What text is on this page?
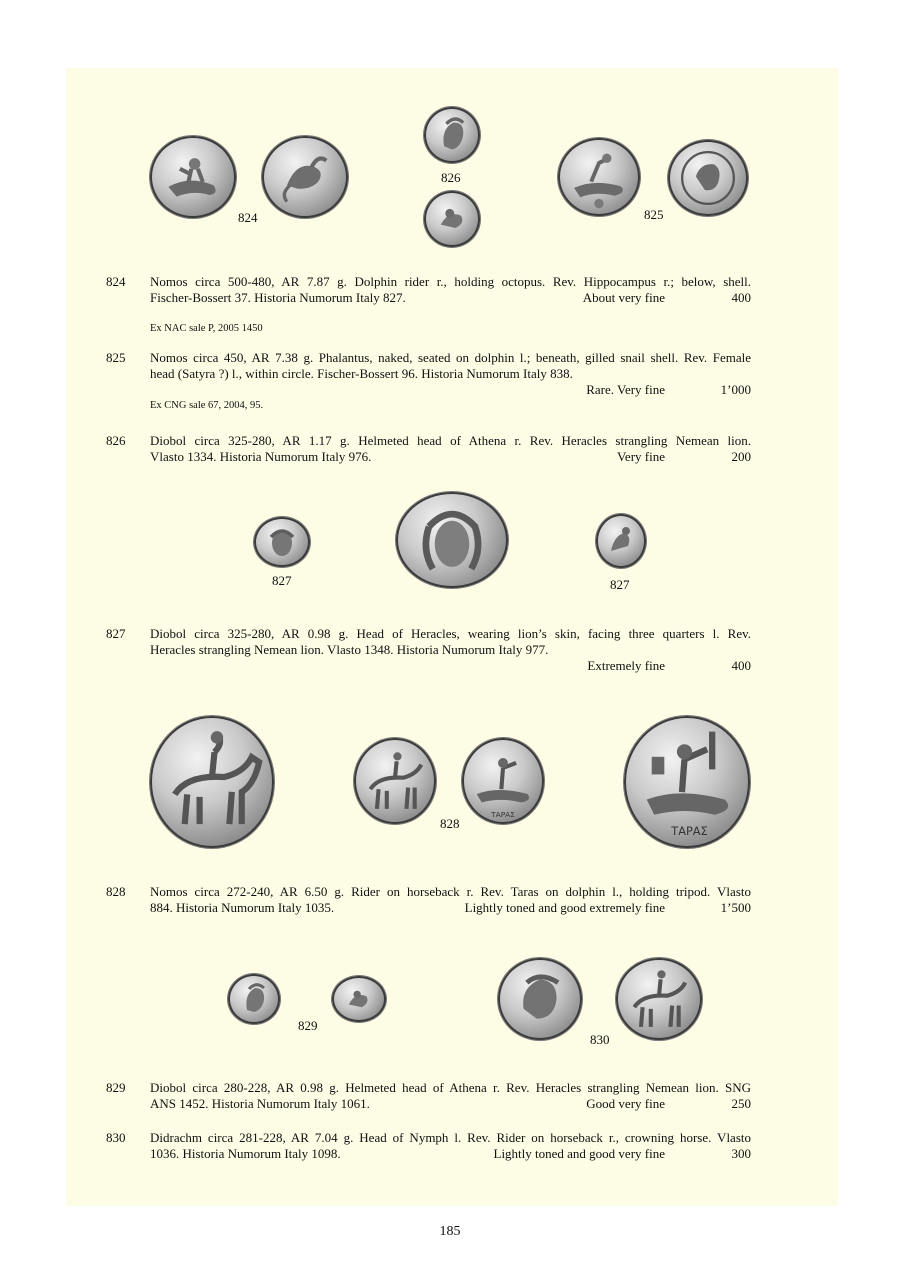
824
826
825
824 Nomos circa 500-480, AR 7.87 g. Dolphin rider r., holding octopus. Rev. Hippocampus r.; below, shell.
Fischer-Bossert 37. Historia Numorum Italy 827.	About very fine	400
Ex NAC sale P, 2005 1450
825 Nomos circa 450, AR 7.38 g. Phalantus, naked, seated on dolphin l.; beneath, gilled snail shell. Rev. Female
head (Satyra ?) l., within circle. Fischer-Bossert 96. Historia Numorum Italy 838.

Rare. Very fine	1’000
Ex CNG sale 67, 2004, 95.
826 Diobol circa 325-280, AR 1.17 g. Helmeted head of Athena r. Rev. Heracles strangling Nemean lion.
Vlasto 1334. Historia Numorum Italy 976.	Very fine	200
827	827
827 Diobol circa 325-280, AR 0.98 g. Head of Heracles, wearing lion’s skin, facing three quarters l. Rev.
Heracles strangling Nemean lion. Vlasto 1348. Historia Numorum Italy 977.

Extremely fine	400
ΤΑΡΑΣ
828	ΤΑΡΑΣ
828 Nomos circa 272-240, AR 6.50 g. Rider on horseback r. Rev. Taras on dolphin l., holding tripod. Vlasto
884. Historia Numorum Italy 1035.	Lightly toned and good extremely fine	1’500
829
830
829 Diobol circa 280-228, AR 0.98 g. Helmeted head of Athena r. Rev. Heracles strangling Nemean lion. SNG
ANS 1452. Historia Numorum Italy 1061.	Good very fine	250
830 Didrachm circa 281-228, AR 7.04 g. Head of Nymph l. Rev. Rider on horseback r., crowning horse. Vlasto
1036. Historia Numorum Italy 1098.	Lightly toned and good very fine	300
185
